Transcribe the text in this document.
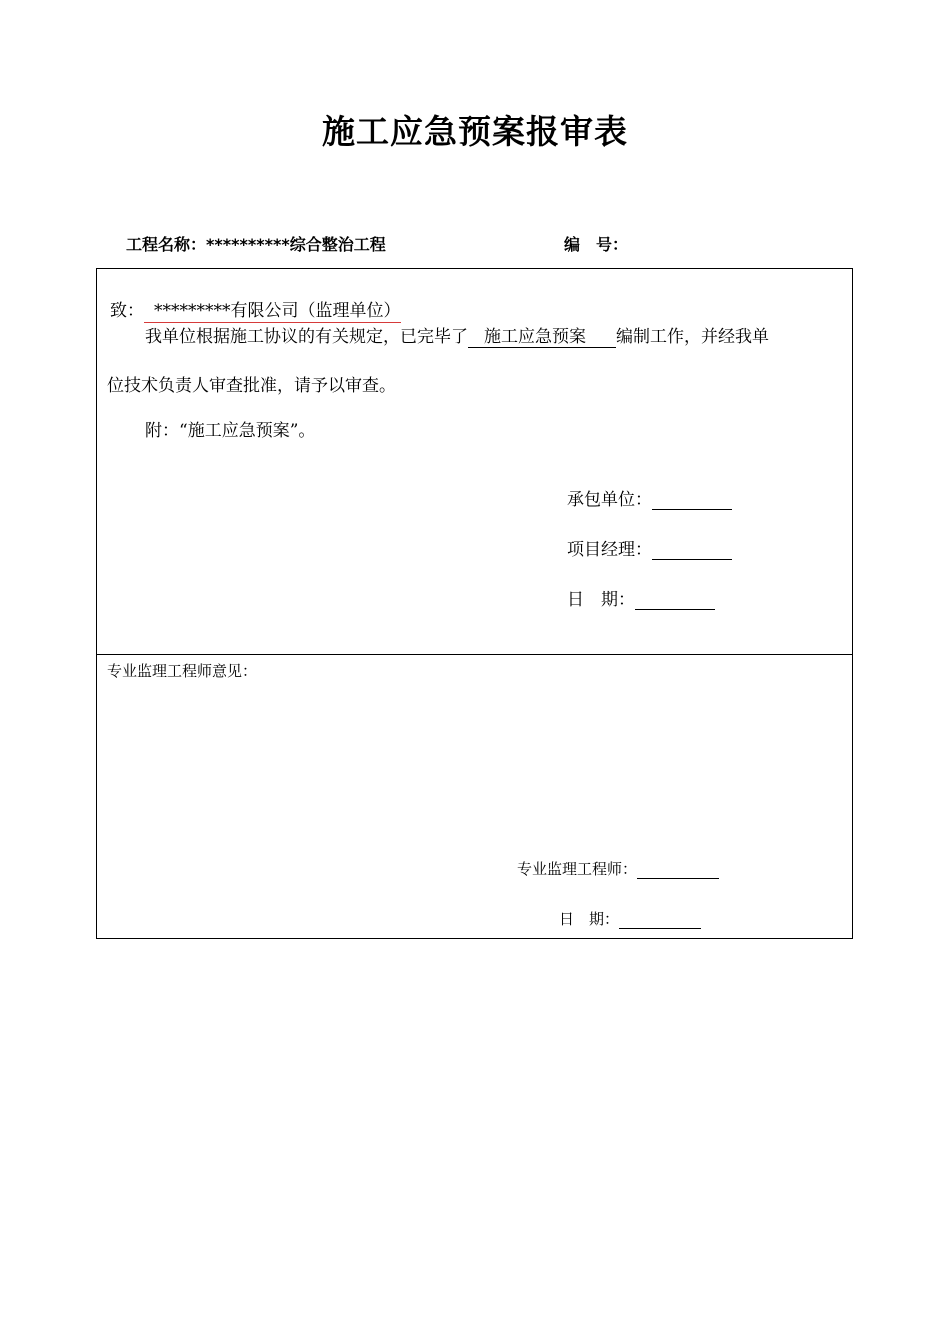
施工应急预案报审表
工程名称：**********综合整治工程	编　号：
致： *********有限公司（监理单位）
我单位根据施工协议的有关规定，已完毕了 施工应急预案 编制工作，并经我单
位技术负责人审查批准，请予以审查。
附：“施工应急预案”。
承包单位：
项目经理：
日　期：
专业监理工程师意见：
专业监理工程师：
日　期：
